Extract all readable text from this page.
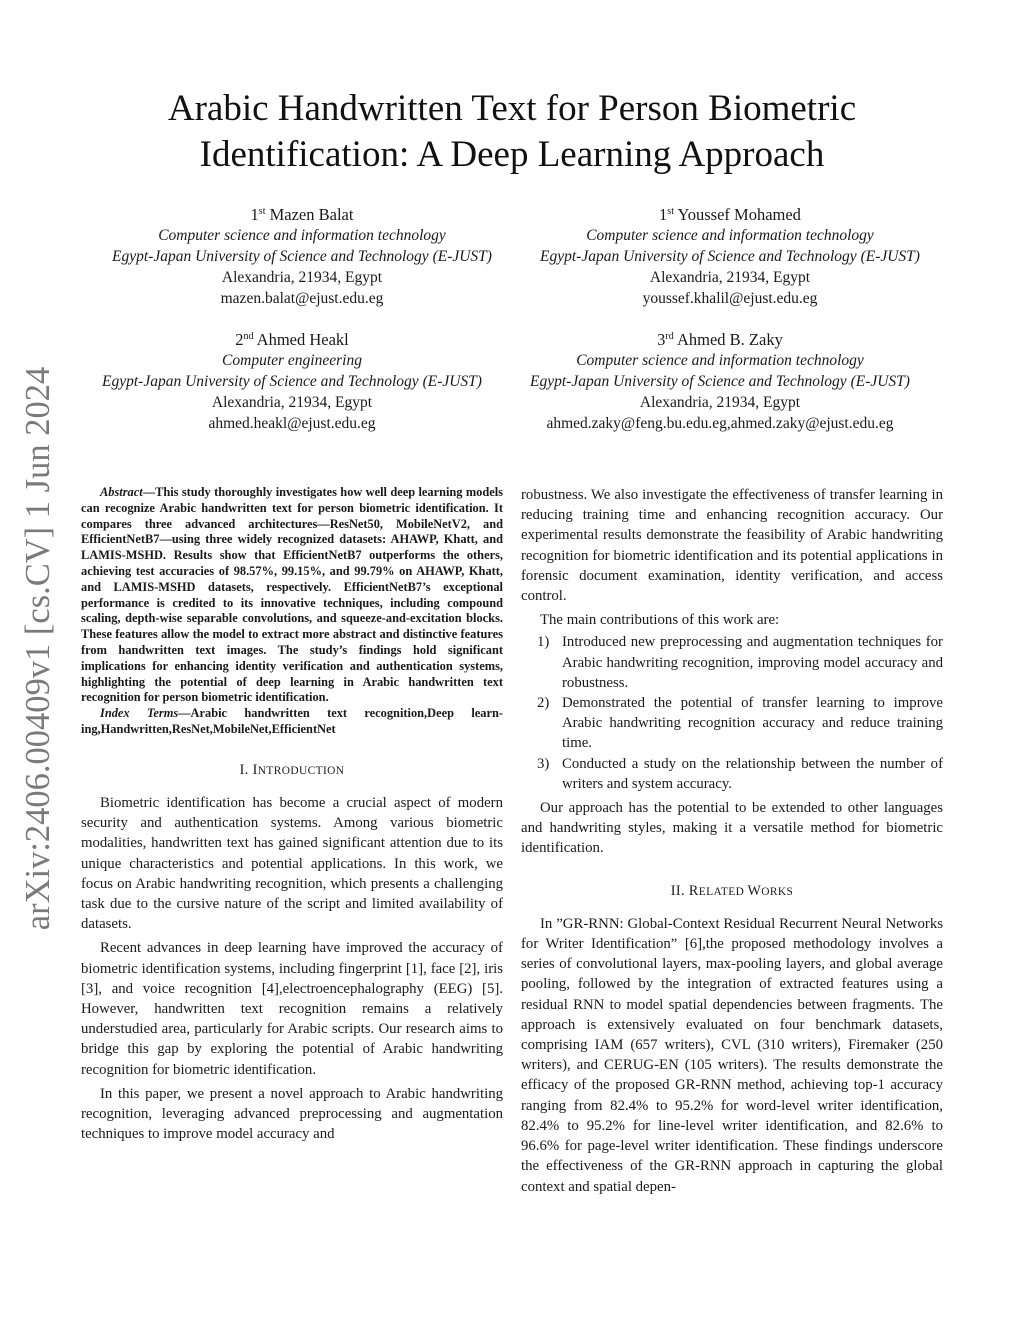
arXiv:2406.00409v1 [cs.CV] 1 Jun 2024
Arabic Handwritten Text for Person Biometric
Identification: A Deep Learning Approach
1st Mazen Balat
Computer science and information technology
Egypt-Japan University of Science and Technology (E-JUST)
Alexandria, 21934, Egypt
mazen.balat@ejust.edu.eg
1st Youssef Mohamed
Computer science and information technology
Egypt-Japan University of Science and Technology (E-JUST)
Alexandria, 21934, Egypt
youssef.khalil@ejust.edu.eg
2nd Ahmed Heakl
Computer engineering
Egypt-Japan University of Science and Technology (E-JUST)
Alexandria, 21934, Egypt
ahmed.heakl@ejust.edu.eg
3rd Ahmed B. Zaky
Computer science and information technology
Egypt-Japan University of Science and Technology (E-JUST)
Alexandria, 21934, Egypt
ahmed.zaky@feng.bu.edu.eg,ahmed.zaky@ejust.edu.eg

Abstract—This study thoroughly investigates how well deep learning models can recognize Arabic handwritten text for person biometric identification. It compares three advanced architectures—ResNet50, MobileNetV2, and EfficientNetB7—using three widely recognized datasets: AHAWP, Khatt, and LAMIS-MSHD. Results show that EfficientNetB7 outperforms the others, achieving test accuracies of 98.57%, 99.15%, and 99.79% on AHAWP, Khatt, and LAMIS-MSHD datasets, respectively. EfficientNetB7’s exceptional performance is credited to its innovative techniques, including compound scaling, depth-wise separable convolutions, and squeeze-and-excitation blocks. These features allow the model to extract more abstract and distinctive features from handwritten text images. The study’s findings hold significant implications for enhancing identity verification and authentication systems, highlighting the potential of deep learning in Arabic handwritten text recognition for person biometric identification.

Index Terms—Arabic handwritten text recognition,Deep learning,Handwritten,ResNet,MobileNet,EfficientNet

I. INTRODUCTION

Biometric identification has become a crucial aspect of modern security and authentication systems. Among various biometric modalities, handwritten text has gained significant attention due to its unique characteristics and potential applications. In this work, we focus on Arabic handwriting recognition, which presents a challenging task due to the cursive nature of the script and limited availability of datasets.

Recent advances in deep learning have improved the accuracy of biometric identification systems, including fingerprint [1], face [2], iris [3], and voice recognition [4],electroencephalography (EEG) [5]. However, handwritten text recognition remains a relatively understudied area, particularly for Arabic scripts. Our research aims to bridge this gap by exploring the potential of Arabic handwriting recognition for biometric identification.

In this paper, we present a novel approach to Arabic handwriting recognition, leveraging advanced preprocessing and augmentation techniques to improve model accuracy and

robustness. We also investigate the effectiveness of transfer learning in reducing training time and enhancing recognition accuracy. Our experimental results demonstrate the feasibility of Arabic handwriting recognition for biometric identification and its potential applications in forensic document examination, identity verification, and access control.

The main contributions of this work are:

1) Introduced new preprocessing and augmentation techniques for Arabic handwriting recognition, improving model accuracy and robustness.
2) Demonstrated the potential of transfer learning to improve Arabic handwriting recognition accuracy and reduce training time.
3) Conducted a study on the relationship between the number of writers and system accuracy.

Our approach has the potential to be extended to other languages and handwriting styles, making it a versatile method for biometric identification.

II. RELATED WORKS

In ”GR-RNN: Global-Context Residual Recurrent Neural Networks for Writer Identification” [6],the proposed methodology involves a series of convolutional layers, max-pooling layers, and global average pooling, followed by the integration of extracted features using a residual RNN to model spatial dependencies between fragments. The approach is extensively evaluated on four benchmark datasets, comprising IAM (657 writers), CVL (310 writers), Firemaker (250 writers), and CERUG-EN (105 writers). The results demonstrate the efficacy of the proposed GR-RNN method, achieving top-1 accuracy ranging from 82.4% to 95.2% for word-level writer identification, 82.4% to 95.2% for line-level writer identification, and 82.6% to 96.6% for page-level writer identification. These findings underscore the effectiveness of the GR-RNN approach in capturing the global context and spatial depen-
